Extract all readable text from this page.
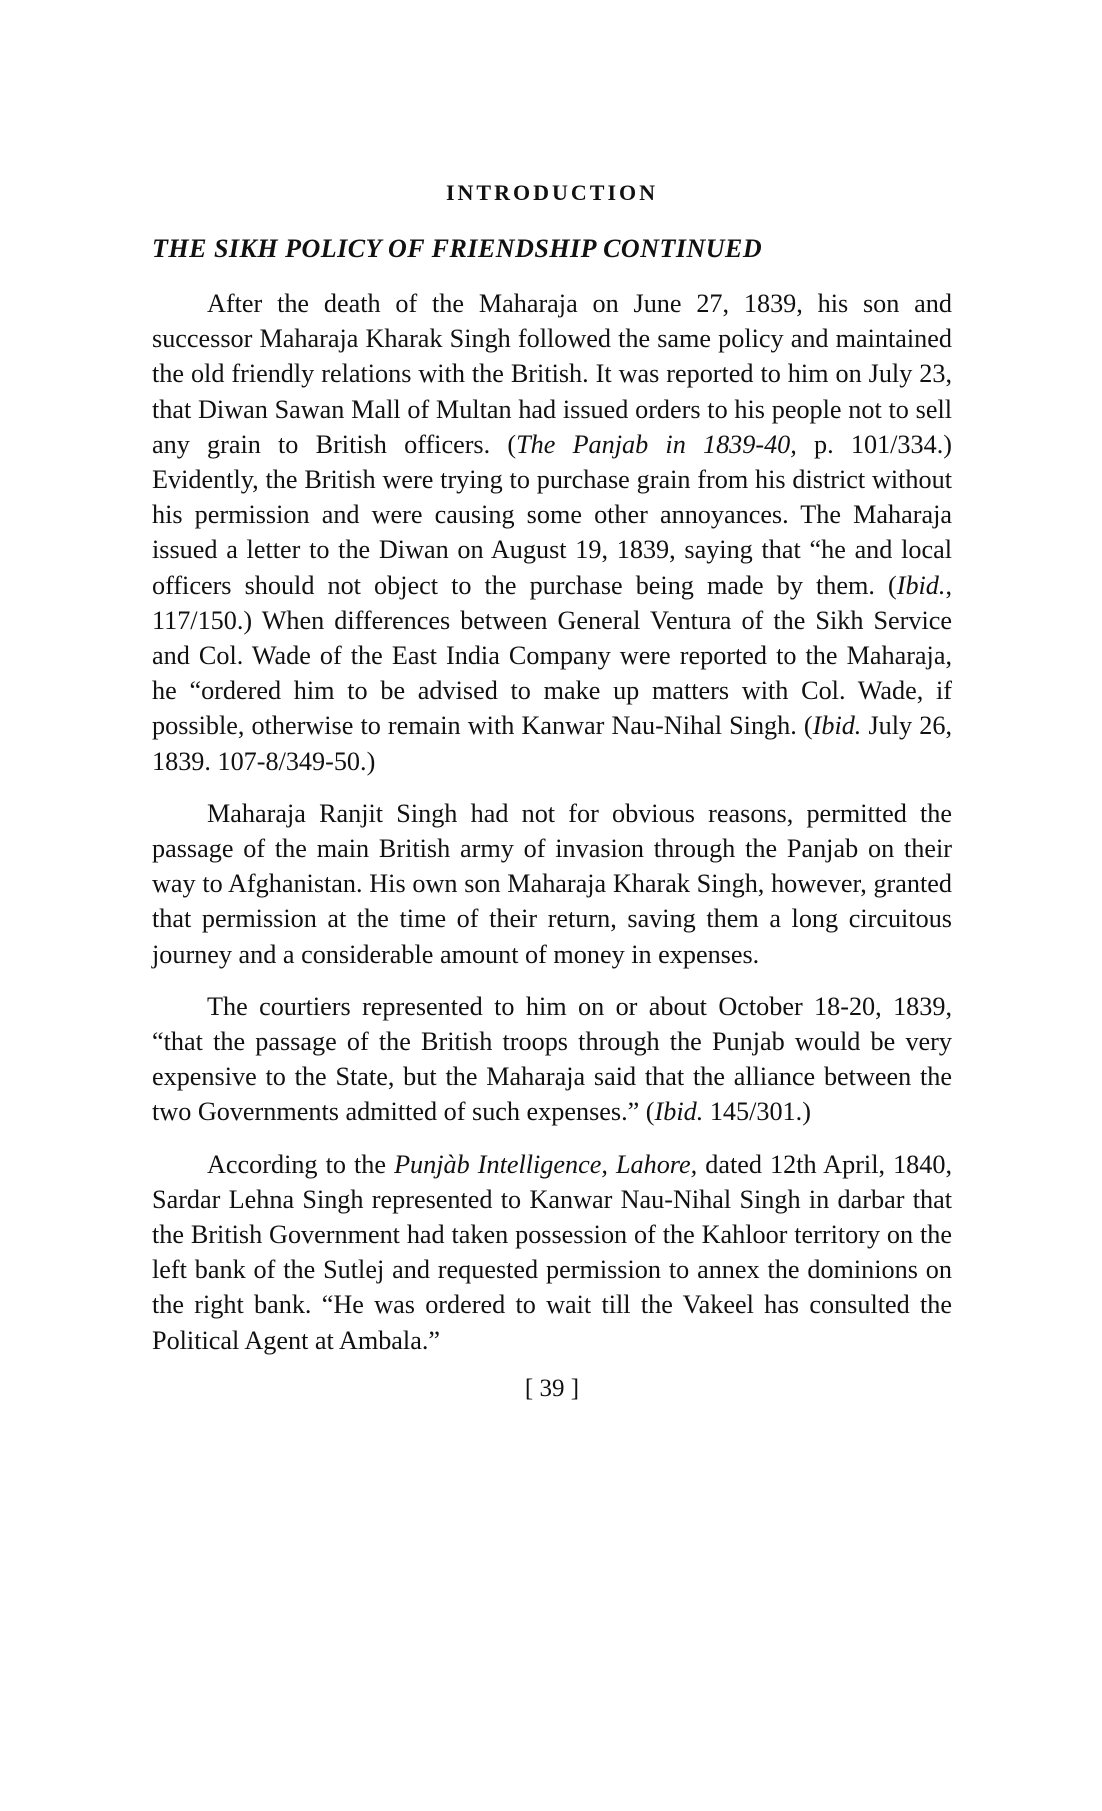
INTRODUCTION
THE SIKH POLICY OF FRIENDSHIP CONTINUED

After the death of the Maharaja on June 27, 1839, his son and successor Maharaja Kharak Singh followed the same policy and maintained the old friendly relations with the British. It was reported to him on July 23, that Diwan Sawan Mall of Multan had issued orders to his people not to sell any grain to British officers. (The Panjab in 1839-40, p. 101/334.) Evidently, the British were trying to purchase grain from his district without his permission and were causing some other annoyances. The Maharaja issued a letter to the Diwan on August 19, 1839, saying that “he and local officers should not object to the purchase being made by them. (Ibid., 117/150.) When differences between General Ventura of the Sikh Service and Col. Wade of the East India Company were reported to the Maharaja, he “ordered him to be advised to make up matters with Col. Wade, if possible, otherwise to remain with Kanwar Nau-Nihal Singh. (Ibid. July 26, 1839. 107-8/349-50.)

Maharaja Ranjit Singh had not for obvious reasons, permitted the passage of the main British army of invasion through the Panjab on their way to Afghanistan. His own son Maharaja Kharak Singh, however, granted that permission at the time of their return, saving them a long circuitous journey and a considerable amount of money in expenses.

The courtiers represented to him on or about October 18-20, 1839, “that the passage of the British troops through the Punjab would be very expensive to the State, but the Maharaja said that the alliance between the two Governments admitted of such expenses.” (Ibid. 145/301.)

According to the Punjàb Intelligence, Lahore, dated 12th April, 1840, Sardar Lehna Singh represented to Kanwar Nau-Nihal Singh in darbar that the British Government had taken possession of the Kahloor territory on the left bank of the Sutlej and requested permission to annex the dominions on the right bank. “He was ordered to wait till the Vakeel has consulted the Political Agent at Ambala.”

[ 39 ]
